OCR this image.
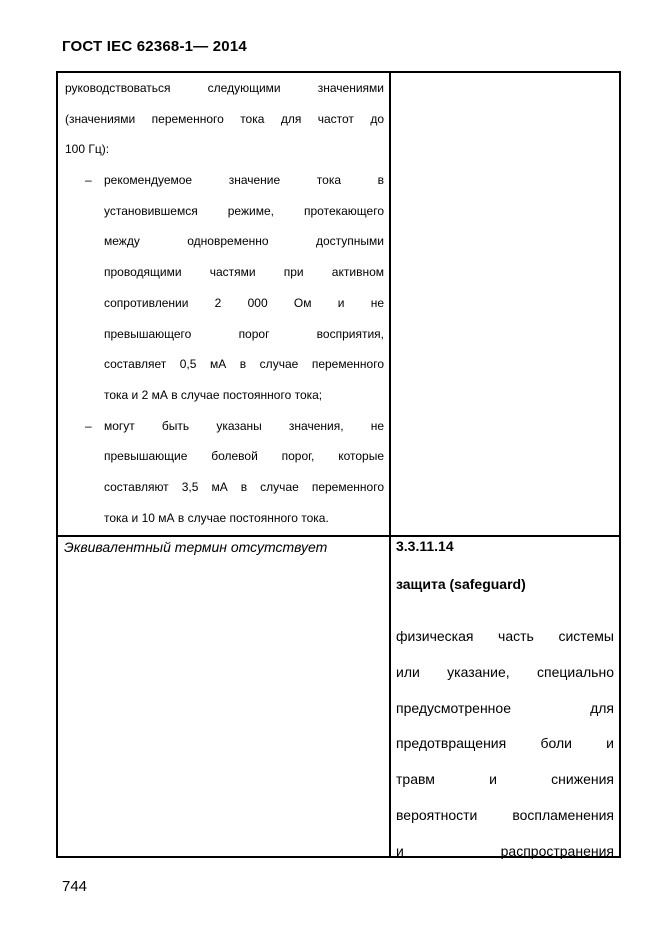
ГОСТ IEC 62368-1— 2014
руководствоваться следующими значениями
(значениями переменного тока для частот до
100 Гц):
–	рекомендуемое значение тока в
установившемся режиме, протекающего
между одновременно доступными
проводящими частями при активном
сопротивлении 2 000 Ом и не
превышающего порог восприятия,
составляет 0,5 мА в случае переменного
тока и 2 мА в случае постоянного тока;
–	могут быть указаны значения, не
превышающие болевой порог, которые
составляют 3,5 мА в случае переменного
тока и 10 мА в случае постоянного тока.
Эквивалентный термин отсутствует	3.3.11.14
защита (safeguard)
физическая часть системы
или указание, специально
предусмотренное для
предотвращения боли и
травм и снижения
вероятности воспламенения
и распространения
744
